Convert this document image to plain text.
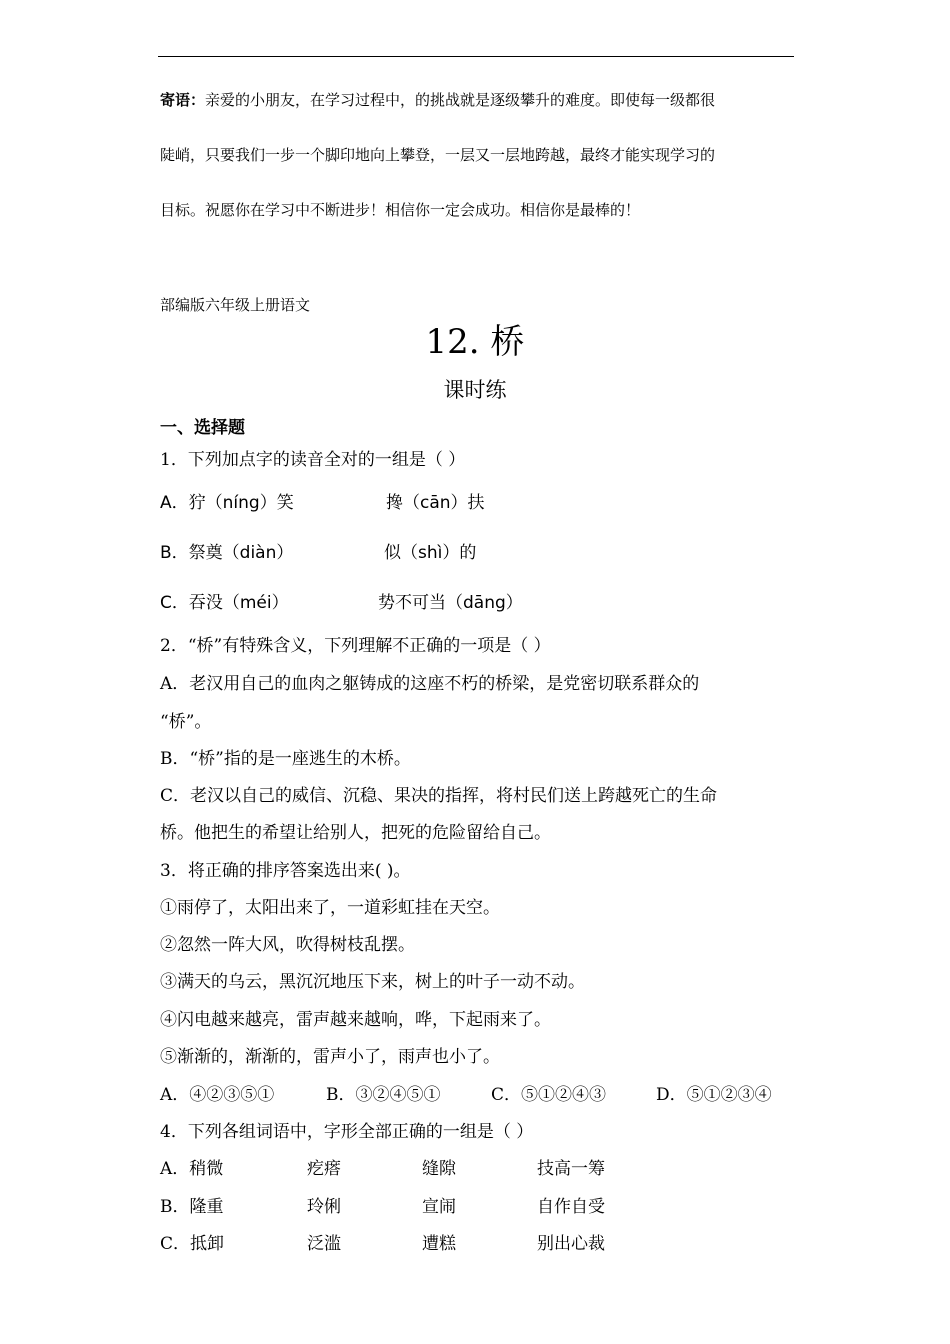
寄语：亲爱的小朋友，在学习过程中，的挑战就是逐级攀升的难度。即使每一级都很
陡峭，只要我们一步一个脚印地向上攀登，一层又一层地跨越，最终才能实现学习的
目标。祝愿你在学习中不断进步！相信你一定会成功。相信你是最棒的！
部编版六年级上册语文
12. 桥
课时练
一、选择题
1．下列加点字的读音全对的一组是（ ）
A．狞（níng）笑	搀（cān）扶
B．祭奠（diàn）	似（shì）的
C．吞没（méi）	势不可当（dāng）
2．“桥”有特殊含义，下列理解不正确的一项是（ ）
A．老汉用自己的血肉之躯铸成的这座不朽的桥梁，是党密切联系群众的
“桥”。
B．“桥”指的是一座逃生的木桥。
C．老汉以自己的威信、沉稳、果决的指挥，将村民们送上跨越死亡的生命
桥。他把生的希望让给别人，把死的危险留给自己。
3．将正确的排序答案选出来( )。
①雨停了，太阳出来了，一道彩虹挂在天空。
②忽然一阵大风，吹得树枝乱摆。
③满天的乌云，黑沉沉地压下来，树上的叶子一动不动。
④闪电越来越亮，雷声越来越响，哗，下起雨来了。
⑤渐渐的，渐渐的，雷声小了，雨声也小了。
A．④②③⑤①	B．③②④⑤①	C．⑤①②④③	D．⑤①②③④
4．下列各组词语中，字形全部正确的一组是（ ）
A．稍微	疙瘩	缝隙	技高一筹
B．隆重	玲俐	宣闹	自作自受
C．抵卸	泛滥	遭糕	别出心裁
